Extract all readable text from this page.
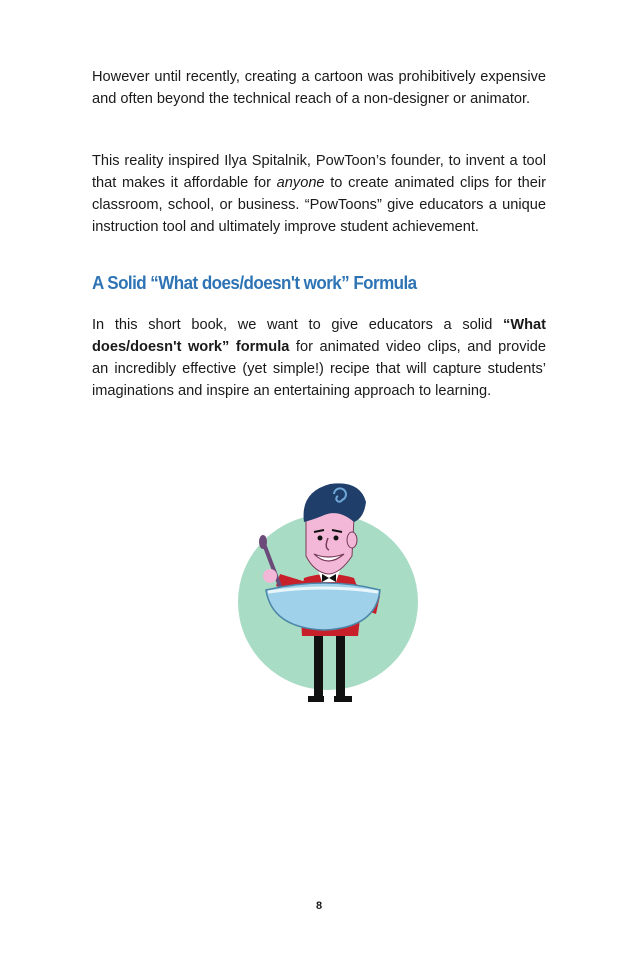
However until recently, creating a cartoon was prohibitively expensive and often beyond the technical reach of a non-designer or animator.

This reality inspired Ilya Spitalnik, PowToon’s founder, to invent a tool that makes it affordable for anyone to create animated clips for their classroom, school, or business. “PowToons” give educators a unique instruction tool and ultimately improve student achievement.

A Solid “What does/doesn't work” Formula

In this short book, we want to give educators a solid “What does/doesn't work” formula for animated video clips, and provide an incredibly effective (yet simple!) recipe that will capture students’ imaginations and inspire an entertaining approach to learning.

8
